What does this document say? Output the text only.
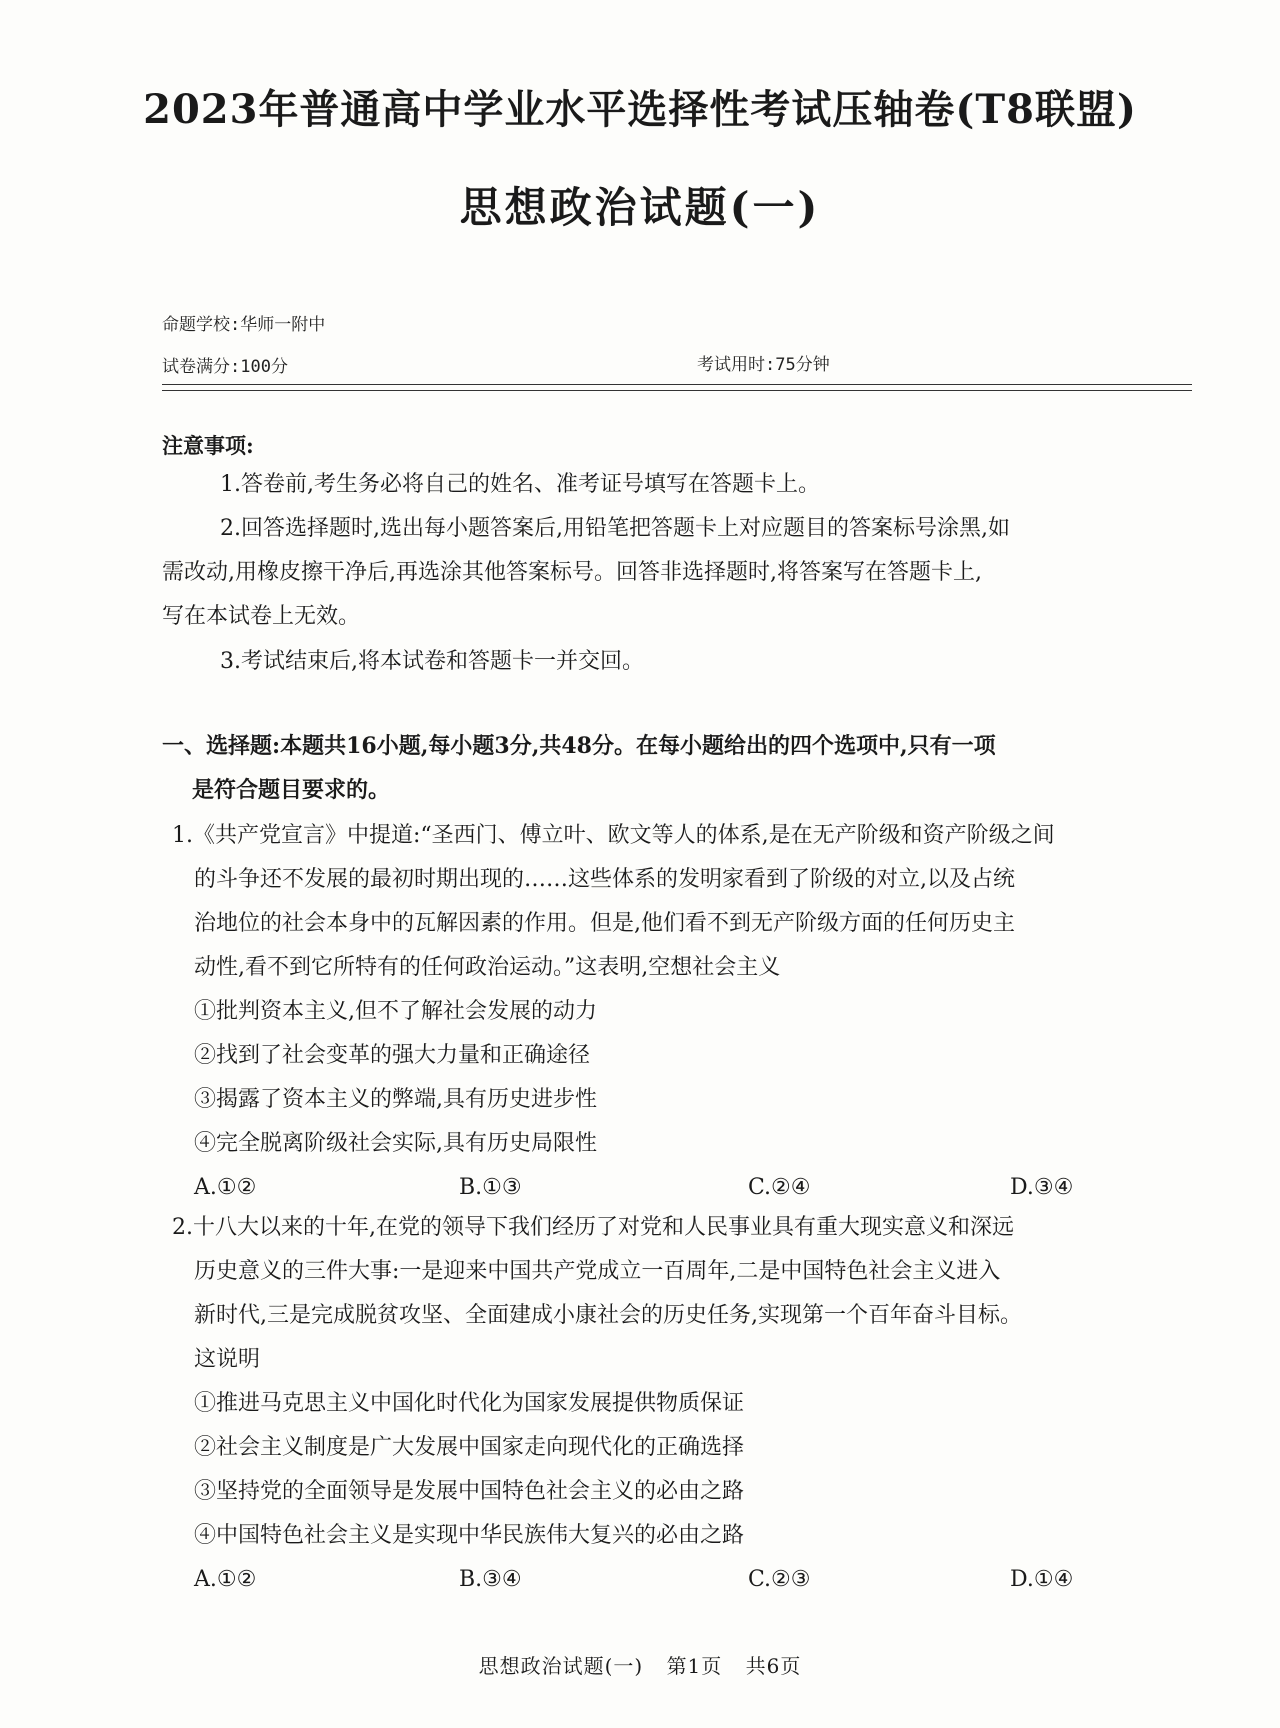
2023年普通高中学业水平选择性考试压轴卷(T8联盟)
思想政治试题(一)
命题学校:华师一附中
试卷满分:100分	考试用时:75分钟
注意事项:
1.答卷前,考生务必将自己的姓名、准考证号填写在答题卡上。
2.回答选择题时,选出每小题答案后,用铅笔把答题卡上对应题目的答案标号涂黑,如
需改动,用橡皮擦干净后,再选涂其他答案标号。回答非选择题时,将答案写在答题卡上,
写在本试卷上无效。
3.考试结束后,将本试卷和答题卡一并交回。
一、选择题:本题共16小题,每小题3分,共48分。在每小题给出的四个选项中,只有一项
是符合题目要求的。
1.《共产党宣言》中提道:“圣西门、傅立叶、欧文等人的体系,是在无产阶级和资产阶级之间
的斗争还不发展的最初时期出现的……这些体系的发明家看到了阶级的对立,以及占统
治地位的社会本身中的瓦解因素的作用。但是,他们看不到无产阶级方面的任何历史主
动性,看不到它所特有的任何政治运动。”这表明,空想社会主义
①批判资本主义,但不了解社会发展的动力
②找到了社会变革的强大力量和正确途径
③揭露了资本主义的弊端,具有历史进步性
④完全脱离阶级社会实际,具有历史局限性
A.①②	B.①③	C.②④	D.③④
2.十八大以来的十年,在党的领导下我们经历了对党和人民事业具有重大现实意义和深远
历史意义的三件大事:一是迎来中国共产党成立一百周年,二是中国特色社会主义进入
新时代,三是完成脱贫攻坚、全面建成小康社会的历史任务,实现第一个百年奋斗目标。
这说明
①推进马克思主义中国化时代化为国家发展提供物质保证
②社会主义制度是广大发展中国家走向现代化的正确选择
③坚持党的全面领导是发展中国特色社会主义的必由之路
④中国特色社会主义是实现中华民族伟大复兴的必由之路
A.①②	B.③④	C.②③	D.①④
思想政治试题(一) 第1页 共6页
